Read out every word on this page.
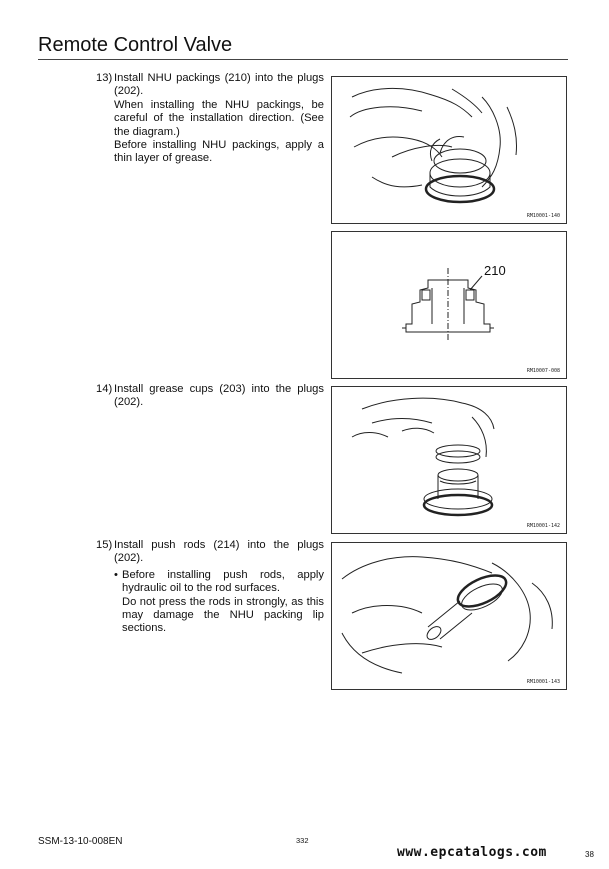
Remote Control Valve
13) Install NHU packings (210) into the plugs (202).

When installing the NHU packings, be careful of the installation direction. (See the diagram.)

Before installing NHU packings, apply a thin layer of grease.

14) Install grease cups (203) into the plugs (202).

15) Install push rods (214) into the plugs (202).

• Before installing push rods, apply hydraulic oil to the rod surfaces.
Do not press the rods in strongly, as this may damage the NHU packing lip sections.

RM10001-140
210
RM10007-008
RM10001-142
RM10001-143
SSM-13-10-008EN	332
www.epcatalogs.com	38
